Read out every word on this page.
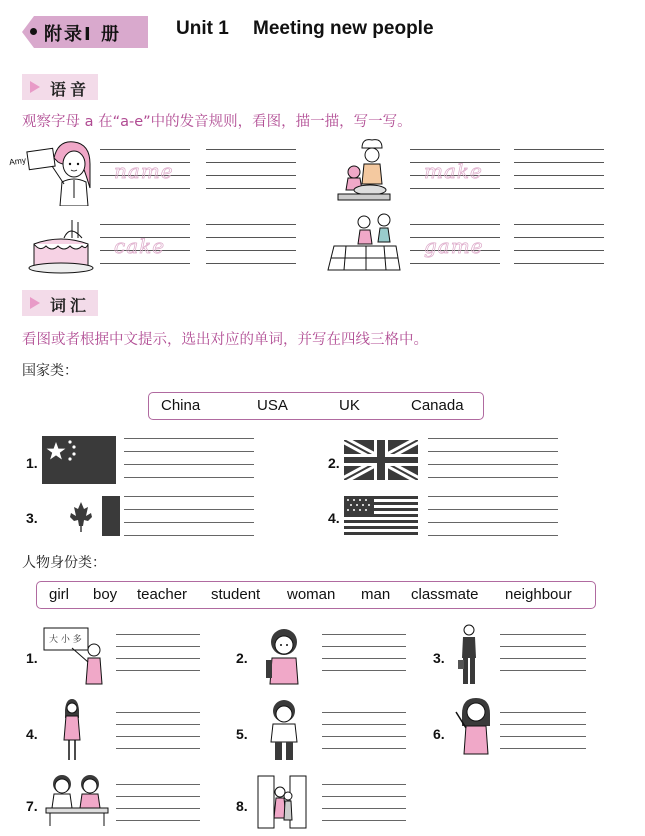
附录Ⅰ 册	Unit 1 Meeting new people
语音
观察字母 a 在“a-e”中的发音规则，看图，描一描，写一写。
Amy	name	make
cake	game
词汇
看图或者根据中文提示，选出对应的单词，并写在四线三格中。
国家类：
China	USA	UK	Canada
1.	2.
3.	4.
人物身份类：
girl boy teacher student woman man classmate neighbour
1.
大 小 多
2.	3.
4.	5.	6.
7.	8.
